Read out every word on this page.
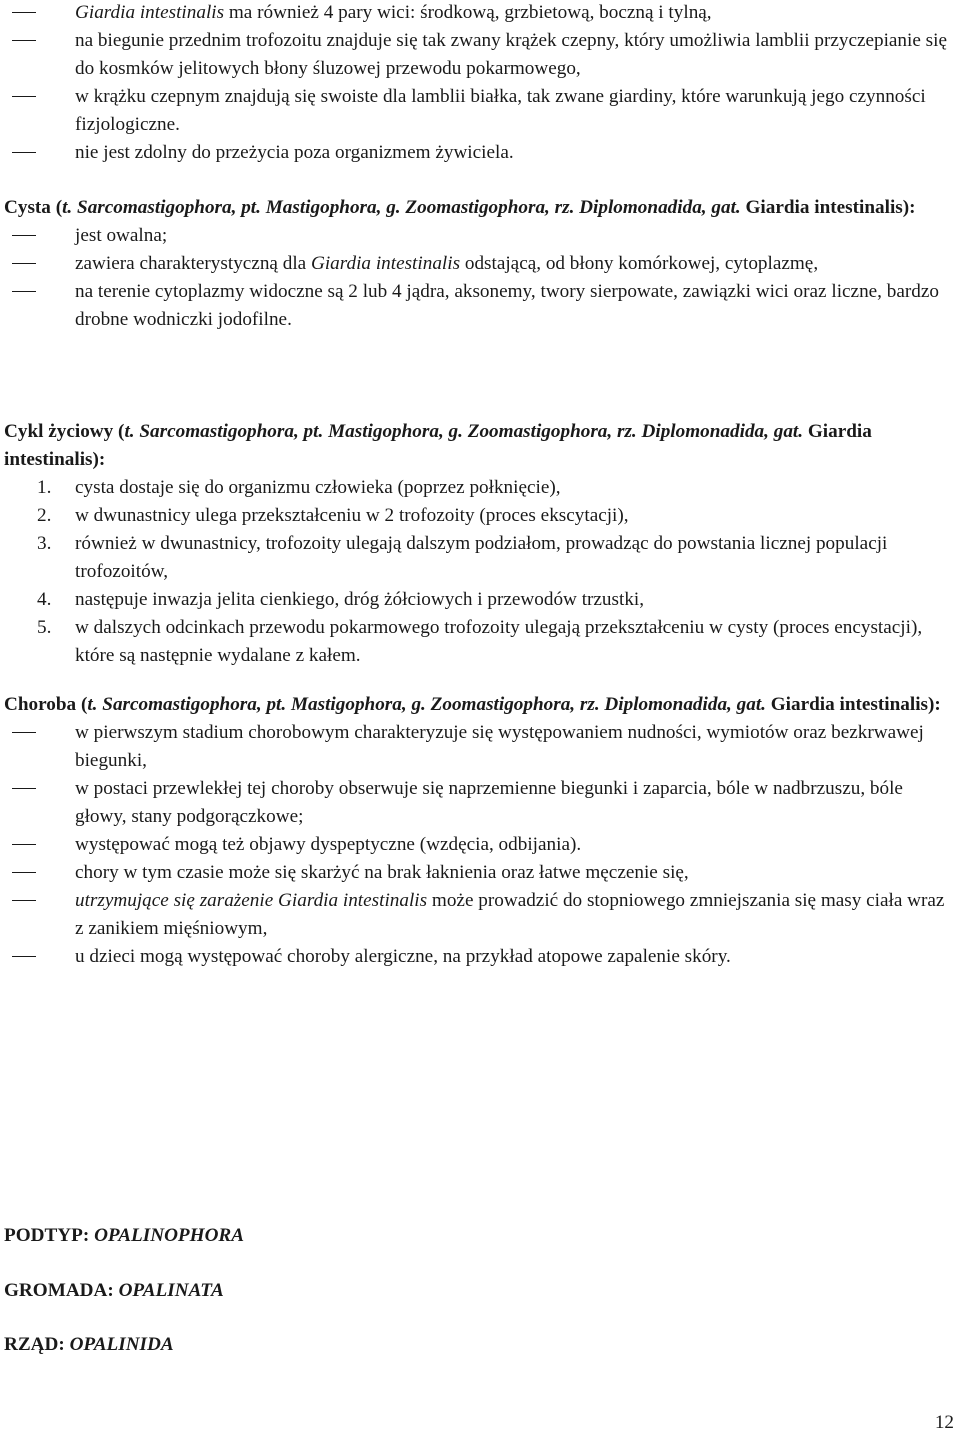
Giardia intestinalis ma również 4 pary wici: środkową, grzbietową, boczną i tylną,
na biegunie przednim trofozoitu znajduje się tak zwany krążek czepny, który umożliwia lamblii przyczepianie się do kosmków jelitowych błony śluzowej przewodu pokarmowego,
w krążku czepnym znajdują się swoiste dla lamblii białka, tak zwane giardiny, które warunkują jego czynności fizjologiczne.
nie jest zdolny do przeżycia poza organizmem żywiciela.

Cysta (t. Sarcomastigophora, pt. Mastigophora, g. Zoomastigophora, rz. Diplomonadida, gat. Giardia intestinalis):

jest owalna;
zawiera charakterystyczną dla Giardia intestinalis odstającą, od błony komórkowej, cytoplazmę,
na terenie cytoplazmy widoczne są 2 lub 4 jądra, aksonemy, twory sierpowate, zawiązki wici oraz liczne, bardzo drobne wodniczki jodofilne.

Cykl życiowy (t. Sarcomastigophora, pt. Mastigophora, g. Zoomastigophora, rz. Diplomonadida, gat. Giardia intestinalis):

1. cysta dostaje się do organizmu człowieka (poprzez połknięcie),
2. w dwunastnicy ulega przekształceniu w 2 trofozoity (proces ekscytacji),
3. również w dwunastnicy, trofozoity ulegają dalszym podziałom, prowadząc do powstania licznej populacji trofozoitów,
4. następuje inwazja jelita cienkiego, dróg żółciowych i przewodów trzustki,
5. w dalszych odcinkach przewodu pokarmowego trofozoity ulegają przekształceniu w cysty (proces encystacji), które są następnie wydalane z kałem.

Choroba (t. Sarcomastigophora, pt. Mastigophora, g. Zoomastigophora, rz. Diplomonadida, gat. Giardia intestinalis):

w pierwszym stadium chorobowym charakteryzuje się występowaniem nudności, wymiotów oraz bezkrwawej biegunki,
w postaci przewlekłej tej choroby obserwuje się naprzemienne biegunki i zaparcia, bóle w nadbrzuszu, bóle głowy, stany podgorączkowe;
występować mogą też objawy dyspeptyczne (wzdęcia, odbijania).
chory w tym czasie może się skarżyć na brak łaknienia oraz łatwe męczenie się,
utrzymujące się zarażenie Giardia intestinalis może prowadzić do stopniowego zmniejszania się masy ciała wraz z zanikiem mięśniowym,
u dzieci mogą występować choroby alergiczne, na przykład atopowe zapalenie skóry.
PODTYP: OPALINOPHORA
GROMADA: OPALINATA
RZĄD: OPALINIDA
12
